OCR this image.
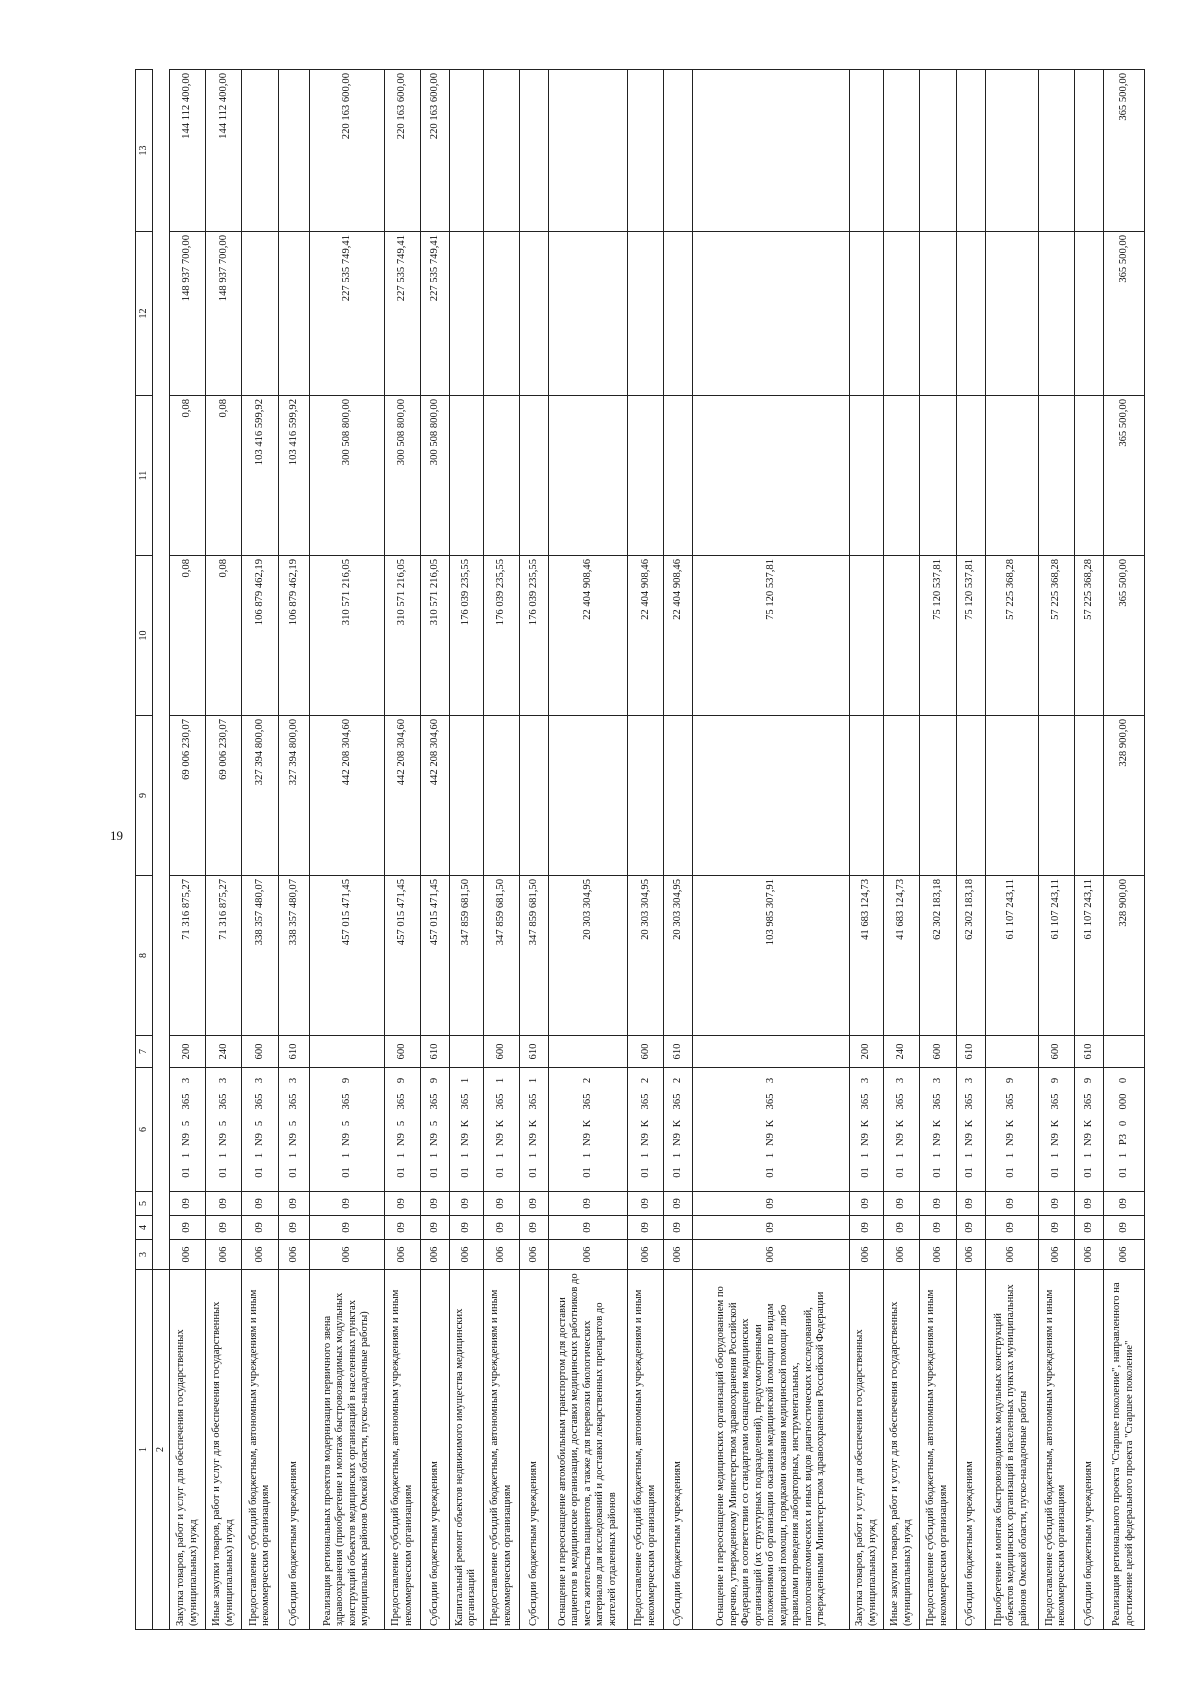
19
1	3	4	5	6	7	8	9	10	11	12	13
2											
Закупка товаров, работ и услуг для обеспечения государственных (муниципальных) нужд	006	09	09	011N953653	200	71 316 875,27	69 006 230,07	0,08	0,08	148 937 700,00	144 112 400,00
Иные закупки товаров, работ и услуг для обеспечения государственных (муниципальных) нужд	006	09	09	011N953653	240	71 316 875,27	69 006 230,07	0,08	0,08	148 937 700,00	144 112 400,00
Предоставление субсидий бюджетным, автономным учреждениям и иным некоммерческим организациям	006	09	09	011N953653	600	338 357 480,07	327 394 800,00	106 879 462,19	103 416 599,92		
Субсидии бюджетным учреждениям	006	09	09	011N953653	610	338 357 480,07	327 394 800,00	106 879 462,19	103 416 599,92		
Реализация региональных проектов модернизации первичного звена здравоохранения (приобретение и монтаж быстровозводимых модульных конструкций объектов медицинских организаций в населенных пунктах муниципальных районов Омской области, пуско-наладочные работы)	006	09	09	011N953659		457 015 471,45	442 208 304,60	310 571 216,05	300 508 800,00	227 535 749,41	220 163 600,00
Предоставление субсидий бюджетным, автономным учреждениям и иным некоммерческим организациям	006	09	09	011N953659	600	457 015 471,45	442 208 304,60	310 571 216,05	300 508 800,00	227 535 749,41	220 163 600,00
Субсидии бюджетным учреждениям	006	09	09	011N953659	610	457 015 471,45	442 208 304,60	310 571 216,05	300 508 800,00	227 535 749,41	220 163 600,00
Капитальный ремонт объектов недвижимого имущества медицинских организаций	006	09	09	011N9K3651		347 859 681,50		176 039 235,55			
Предоставление субсидий бюджетным, автономным учреждениям и иным некоммерческим организациям	006	09	09	011N9K3651	600	347 859 681,50		176 039 235,55			
Субсидии бюджетным учреждениям	006	09	09	011N9K3651	610	347 859 681,50		176 039 235,55			
Оснащение и переоснащение автомобильным транспортом для доставки пациентов в медицинские организации, доставки медицинских работников до места жительства пациентов, а также для перевозки биологических материалов для исследований и доставки лекарственных препаратов до жителей отдаленных районов	006	09	09	011N9K3652		20 303 304,95		22 404 908,46			
Предоставление субсидий бюджетным, автономным учреждениям и иным некоммерческим организациям	006	09	09	011N9K3652	600	20 303 304,95		22 404 908,46			
Субсидии бюджетным учреждениям	006	09	09	011N9K3652	610	20 303 304,95		22 404 908,46			
Оснащение и переоснащение медицинских организаций оборудованием по перечню, утвержденному Министерством здравоохранения Российской Федерации в соответствии со стандартами оснащения медицинских организаций (их структурных подразделений), предусмотренными положениями об организации оказания медицинской помощи по видам медицинской помощи, порядками оказания медицинской помощи либо правилами проведения лабораторных, инструментальных, патологоанатомических и иных видов диагностических исследований, утвержденными Министерством здравоохранения Российской Федерации	006	09	09	011N9K3653		103 985 307,91		75 120 537,81			
Закупка товаров, работ и услуг для обеспечения государственных (муниципальных) нужд	006	09	09	011N9K3653	200	41 683 124,73					
Иные закупки товаров, работ и услуг для обеспечения государственных (муниципальных) нужд	006	09	09	011N9K3653	240	41 683 124,73					
Предоставление субсидий бюджетным, автономным учреждениям и иным некоммерческим организациям	006	09	09	011N9K3653	600	62 302 183,18		75 120 537,81			
Субсидии бюджетным учреждениям	006	09	09	011N9K3653	610	62 302 183,18		75 120 537,81			
Приобретение и монтаж быстровозводимых модульных конструкций объектов медицинских организаций в населенных пунктах муниципальных районов Омской области, пуско-наладочные работы	006	09	09	011N9K3659		61 107 243,11		57 225 368,28			
Предоставление субсидий бюджетным, автономным учреждениям и иным некоммерческим организациям	006	09	09	011N9K3659	600	61 107 243,11		57 225 368,28			
Субсидии бюджетным учреждениям	006	09	09	011N9K3659	610	61 107 243,11		57 225 368,28			
Реализация регионального проекта "Старшее поколение", направленного на достижение целей федерального проекта "Старшее поколение"	006	09	09	011P300000		328 900,00	328 900,00	365 500,00	365 500,00	365 500,00	365 500,00
